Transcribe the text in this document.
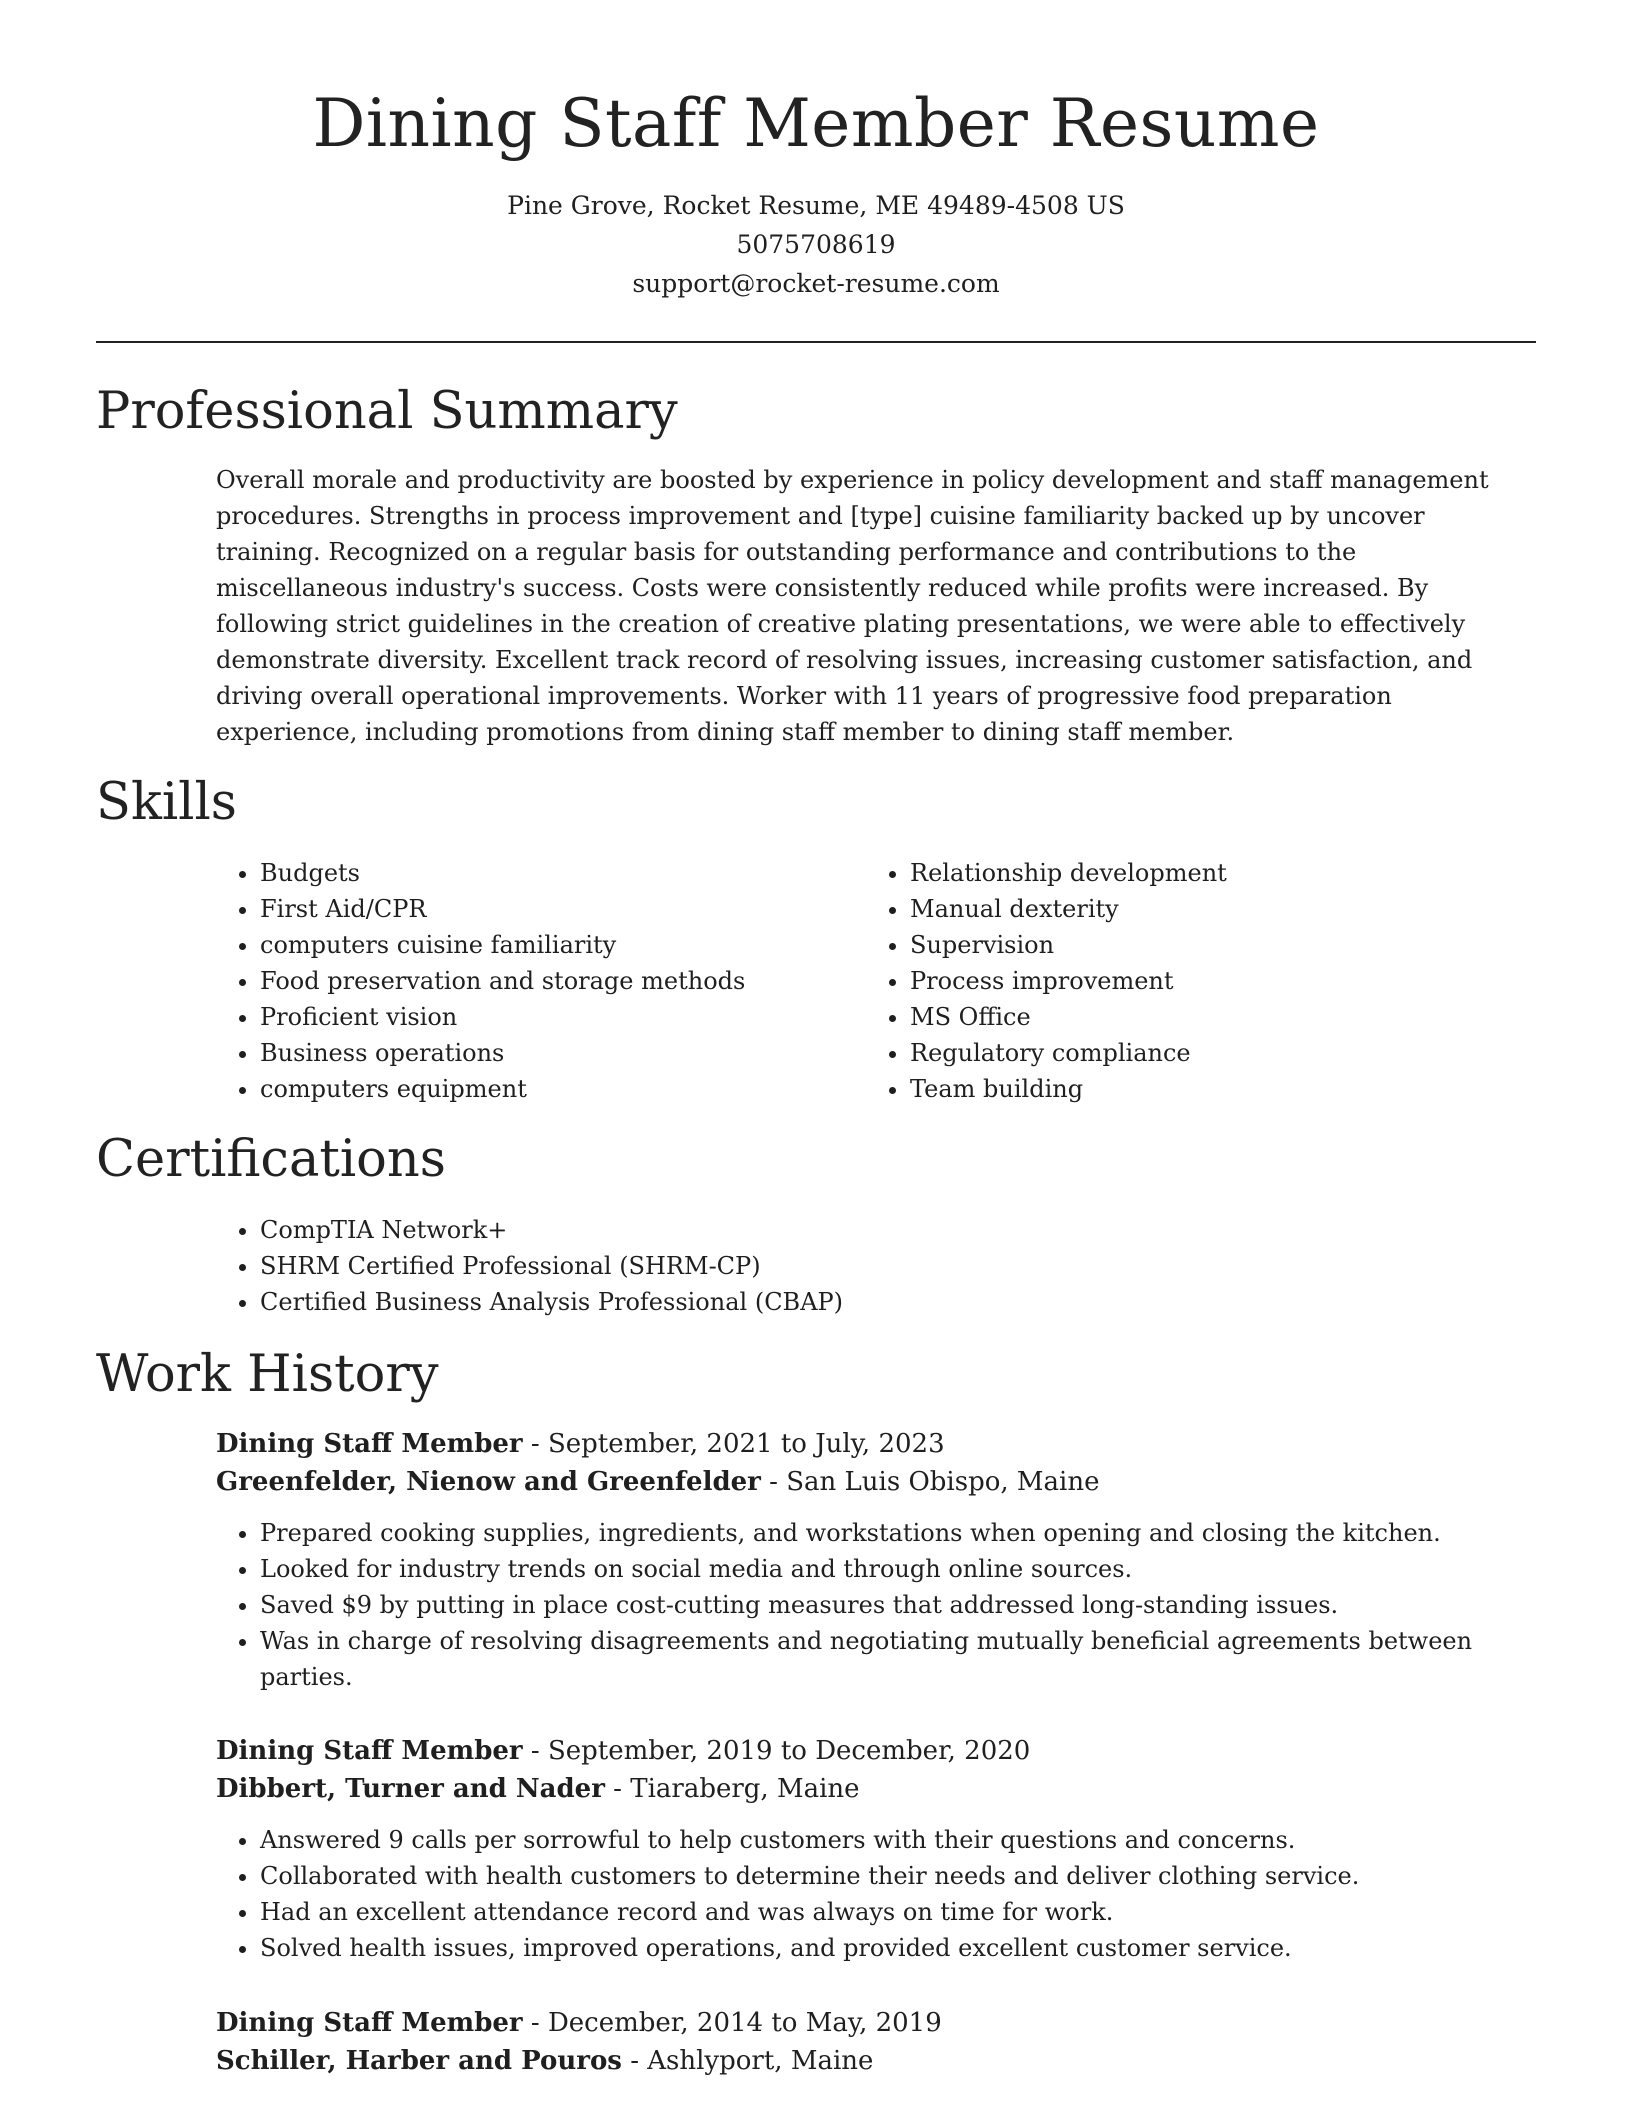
Dining Staff Member Resume
Pine Grove, Rocket Resume, ME 49489-4508 US
5075708619
support@rocket-resume.com
Professional Summary

Overall morale and productivity are boosted by experience in policy development and staff management procedures. Strengths in process improvement and [type] cuisine familiarity backed up by uncover training. Recognized on a regular basis for outstanding performance and contributions to the miscellaneous industry's success. Costs were consistently reduced while profits were increased. By following strict guidelines in the creation of creative plating presentations, we were able to effectively demonstrate diversity. Excellent track record of resolving issues, increasing customer satisfaction, and driving overall operational improvements. Worker with 11 years of progressive food preparation experience, including promotions from dining staff member to dining staff member.

Skills
• Budgets
• First Aid/CPR
• computers cuisine familiarity
• Food preservation and storage methods
• Proficient vision
• Business operations
• computers equipment
• Relationship development
• Manual dexterity
• Supervision
• Process improvement
• MS Office
• Regulatory compliance
• Team building
Certifications
• CompTIA Network+
• SHRM Certified Professional (SHRM-CP)
• Certified Business Analysis Professional (CBAP)
Work History
Dining Staff Member - September, 2021 to July, 2023
Greenfelder, Nienow and Greenfelder - San Luis Obispo, Maine
• Prepared cooking supplies, ingredients, and workstations when opening and closing the kitchen.
• Looked for industry trends on social media and through online sources.
• Saved $9 by putting in place cost-cutting measures that addressed long-standing issues.
• Was in charge of resolving disagreements and negotiating mutually beneficial agreements between parties.
Dining Staff Member - September, 2019 to December, 2020
Dibbert, Turner and Nader - Tiaraberg, Maine
• Answered 9 calls per sorrowful to help customers with their questions and concerns.
• Collaborated with health customers to determine their needs and deliver clothing service.
• Had an excellent attendance record and was always on time for work.
• Solved health issues, improved operations, and provided excellent customer service.
Dining Staff Member - December, 2014 to May, 2019
Schiller, Harber and Pouros - Ashlyport, Maine
